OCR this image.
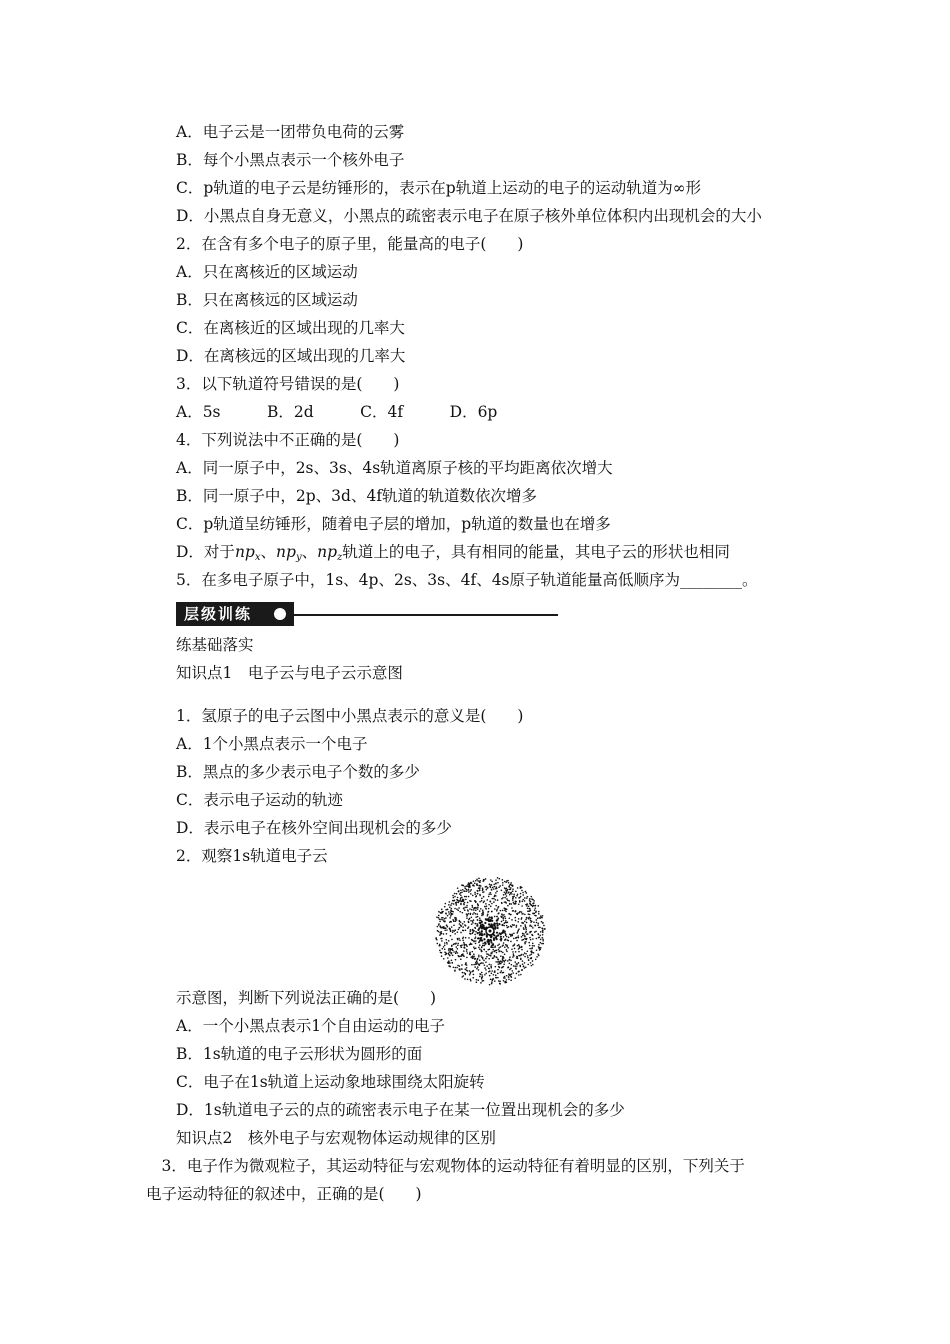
A．电子云是一团带负电荷的云雾
B．每个小黑点表示一个核外电子
C．p轨道的电子云是纺锤形的，表示在p轨道上运动的电子的运动轨道为∞形
D．小黑点自身无意义，小黑点的疏密表示电子在原子核外单位体积内出现机会的大小
2．在含有多个电子的原子里，能量高的电子(　　)
A．只在离核近的区域运动
B．只在离核远的区域运动
C．在离核近的区域出现的几率大
D．在离核远的区域出现的几率大
3．以下轨道符号错误的是(　　)
A．5s　　　B．2d　　　C．4f　　　D．6p
4．下列说法中不正确的是(　　)
A．同一原子中，2s、3s、4s轨道离原子核的平均距离依次增大
B．同一原子中，2p、3d、4f轨道的轨道数依次增多
C．p轨道呈纺锤形，随着电子层的增加，p轨道的数量也在增多
D．对于$np_x$、$np_y$、$np_z$轨道上的电子，具有相同的能量，其电子云的形状也相同
5．在多电子原子中，1s、4p、2s、3s、4f、4s原子轨道能量高低顺序为________。
层级训练
练基础落实
知识点1　电子云与电子云示意图
1．氢原子的电子云图中小黑点表示的意义是(　　)
A．1个小黑点表示一个电子
B．黑点的多少表示电子个数的多少
C．表示电子运动的轨迹
D．表示电子在核外空间出现机会的多少
2．观察1s轨道电子云
示意图，判断下列说法正确的是(　　)
A．一个小黑点表示1个自由运动的电子
B．1s轨道的电子云形状为圆形的面
C．电子在1s轨道上运动象地球围绕太阳旋转
D．1s轨道电子云的点的疏密表示电子在某一位置出现机会的多少
知识点2　核外电子与宏观物体运动规律的区别
　3．电子作为微观粒子，其运动特征与宏观物体的运动特征有着明显的区别，下列关于
电子运动特征的叙述中，正确的是(　　)
